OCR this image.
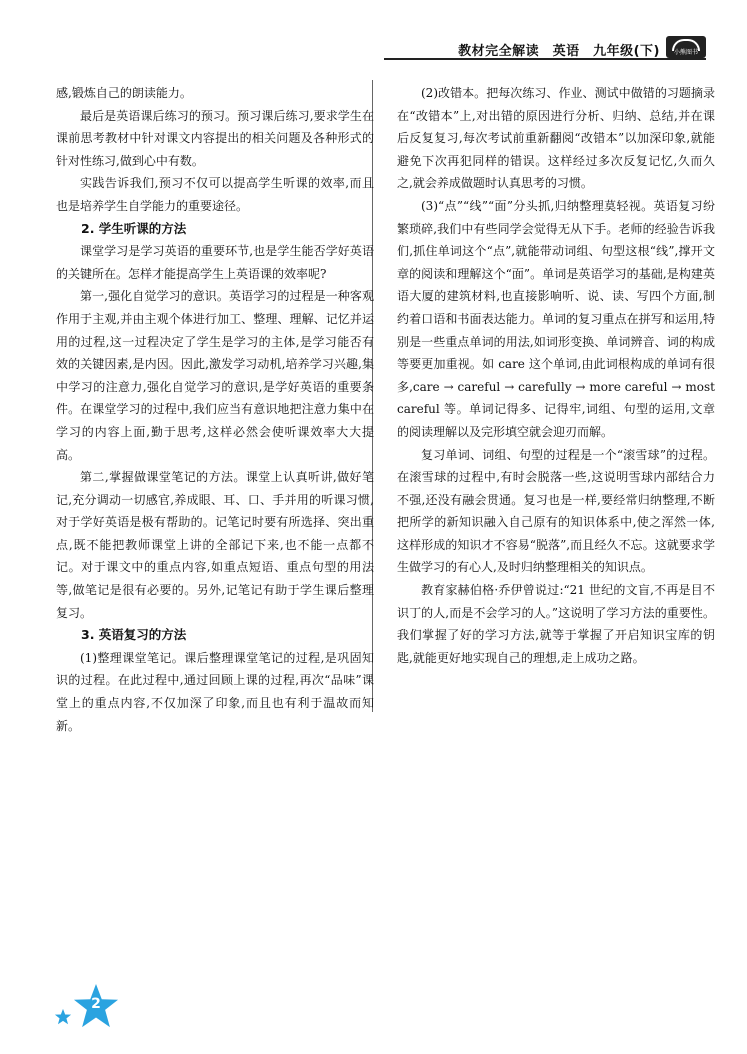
教材完全解读　英语　九年级(下)	小熊图书

感,锻炼自己的朗读能力。

最后是英语课后练习的预习。预习课后练习,要求学生在课前思考教材中针对课文内容提出的相关问题及各种形式的针对性练习,做到心中有数。

实践告诉我们,预习不仅可以提高学生听课的效率,而且也是培养学生自学能力的重要途径。

2. 学生听课的方法

课堂学习是学习英语的重要环节,也是学生能否学好英语的关键所在。怎样才能提高学生上英语课的效率呢?

第一,强化自觉学习的意识。英语学习的过程是一种客观作用于主观,并由主观个体进行加工、整理、理解、记忆并运用的过程,这一过程决定了学生是学习的主体,是学习能否有效的关键因素,是内因。因此,激发学习动机,培养学习兴趣,集中学习的注意力,强化自觉学习的意识,是学好英语的重要条件。在课堂学习的过程中,我们应当有意识地把注意力集中在学习的内容上面,勤于思考,这样必然会使听课效率大大提高。

第二,掌握做课堂笔记的方法。课堂上认真听讲,做好笔记,充分调动一切感官,养成眼、耳、口、手并用的听课习惯,对于学好英语是极有帮助的。记笔记时要有所选择、突出重点,既不能把教师课堂上讲的全部记下来,也不能一点都不记。对于课文中的重点内容,如重点短语、重点句型的用法等,做笔记是很有必要的。另外,记笔记有助于学生课后整理复习。

3. 英语复习的方法

(1)整理课堂笔记。课后整理课堂笔记的过程,是巩固知识的过程。在此过程中,通过回顾上课的过程,再次“品味”课堂上的重点内容,不仅加深了印象,而且也有利于温故而知新。

(2)改错本。把每次练习、作业、测试中做错的习题摘录在“改错本”上,对出错的原因进行分析、归纳、总结,并在课后反复复习,每次考试前重新翻阅“改错本”以加深印象,就能避免下次再犯同样的错误。这样经过多次反复记忆,久而久之,就会养成做题时认真思考的习惯。

(3)“点”“线”“面”分头抓,归纳整理莫轻视。英语复习纷繁琐碎,我们中有些同学会觉得无从下手。老师的经验告诉我们,抓住单词这个“点”,就能带动词组、句型这根“线”,撑开文章的阅读和理解这个“面”。单词是英语学习的基础,是构建英语大厦的建筑材料,也直接影响听、说、读、写四个方面,制约着口语和书面表达能力。单词的复习重点在拼写和运用,特别是一些重点单词的用法,如词形变换、单词辨音、词的构成等要更加重视。如 care 这个单词,由此词根构成的单词有很多,care → careful → carefully → more careful → most careful 等。单词记得多、记得牢,词组、句型的运用,文章的阅读理解以及完形填空就会迎刃而解。

复习单词、词组、句型的过程是一个“滚雪球”的过程。在滚雪球的过程中,有时会脱落一些,这说明雪球内部结合力不强,还没有融会贯通。复习也是一样,要经常归纳整理,不断把所学的新知识融入自己原有的知识体系中,使之浑然一体,这样形成的知识才不容易“脱落”,而且经久不忘。这就要求学生做学习的有心人,及时归纳整理相关的知识点。

教育家赫伯格·乔伊曾说过:“21 世纪的文盲,不再是目不识丁的人,而是不会学习的人。”这说明了学习方法的重要性。我们掌握了好的学习方法,就等于掌握了开启知识宝库的钥匙,就能更好地实现自己的理想,走上成功之路。

2
